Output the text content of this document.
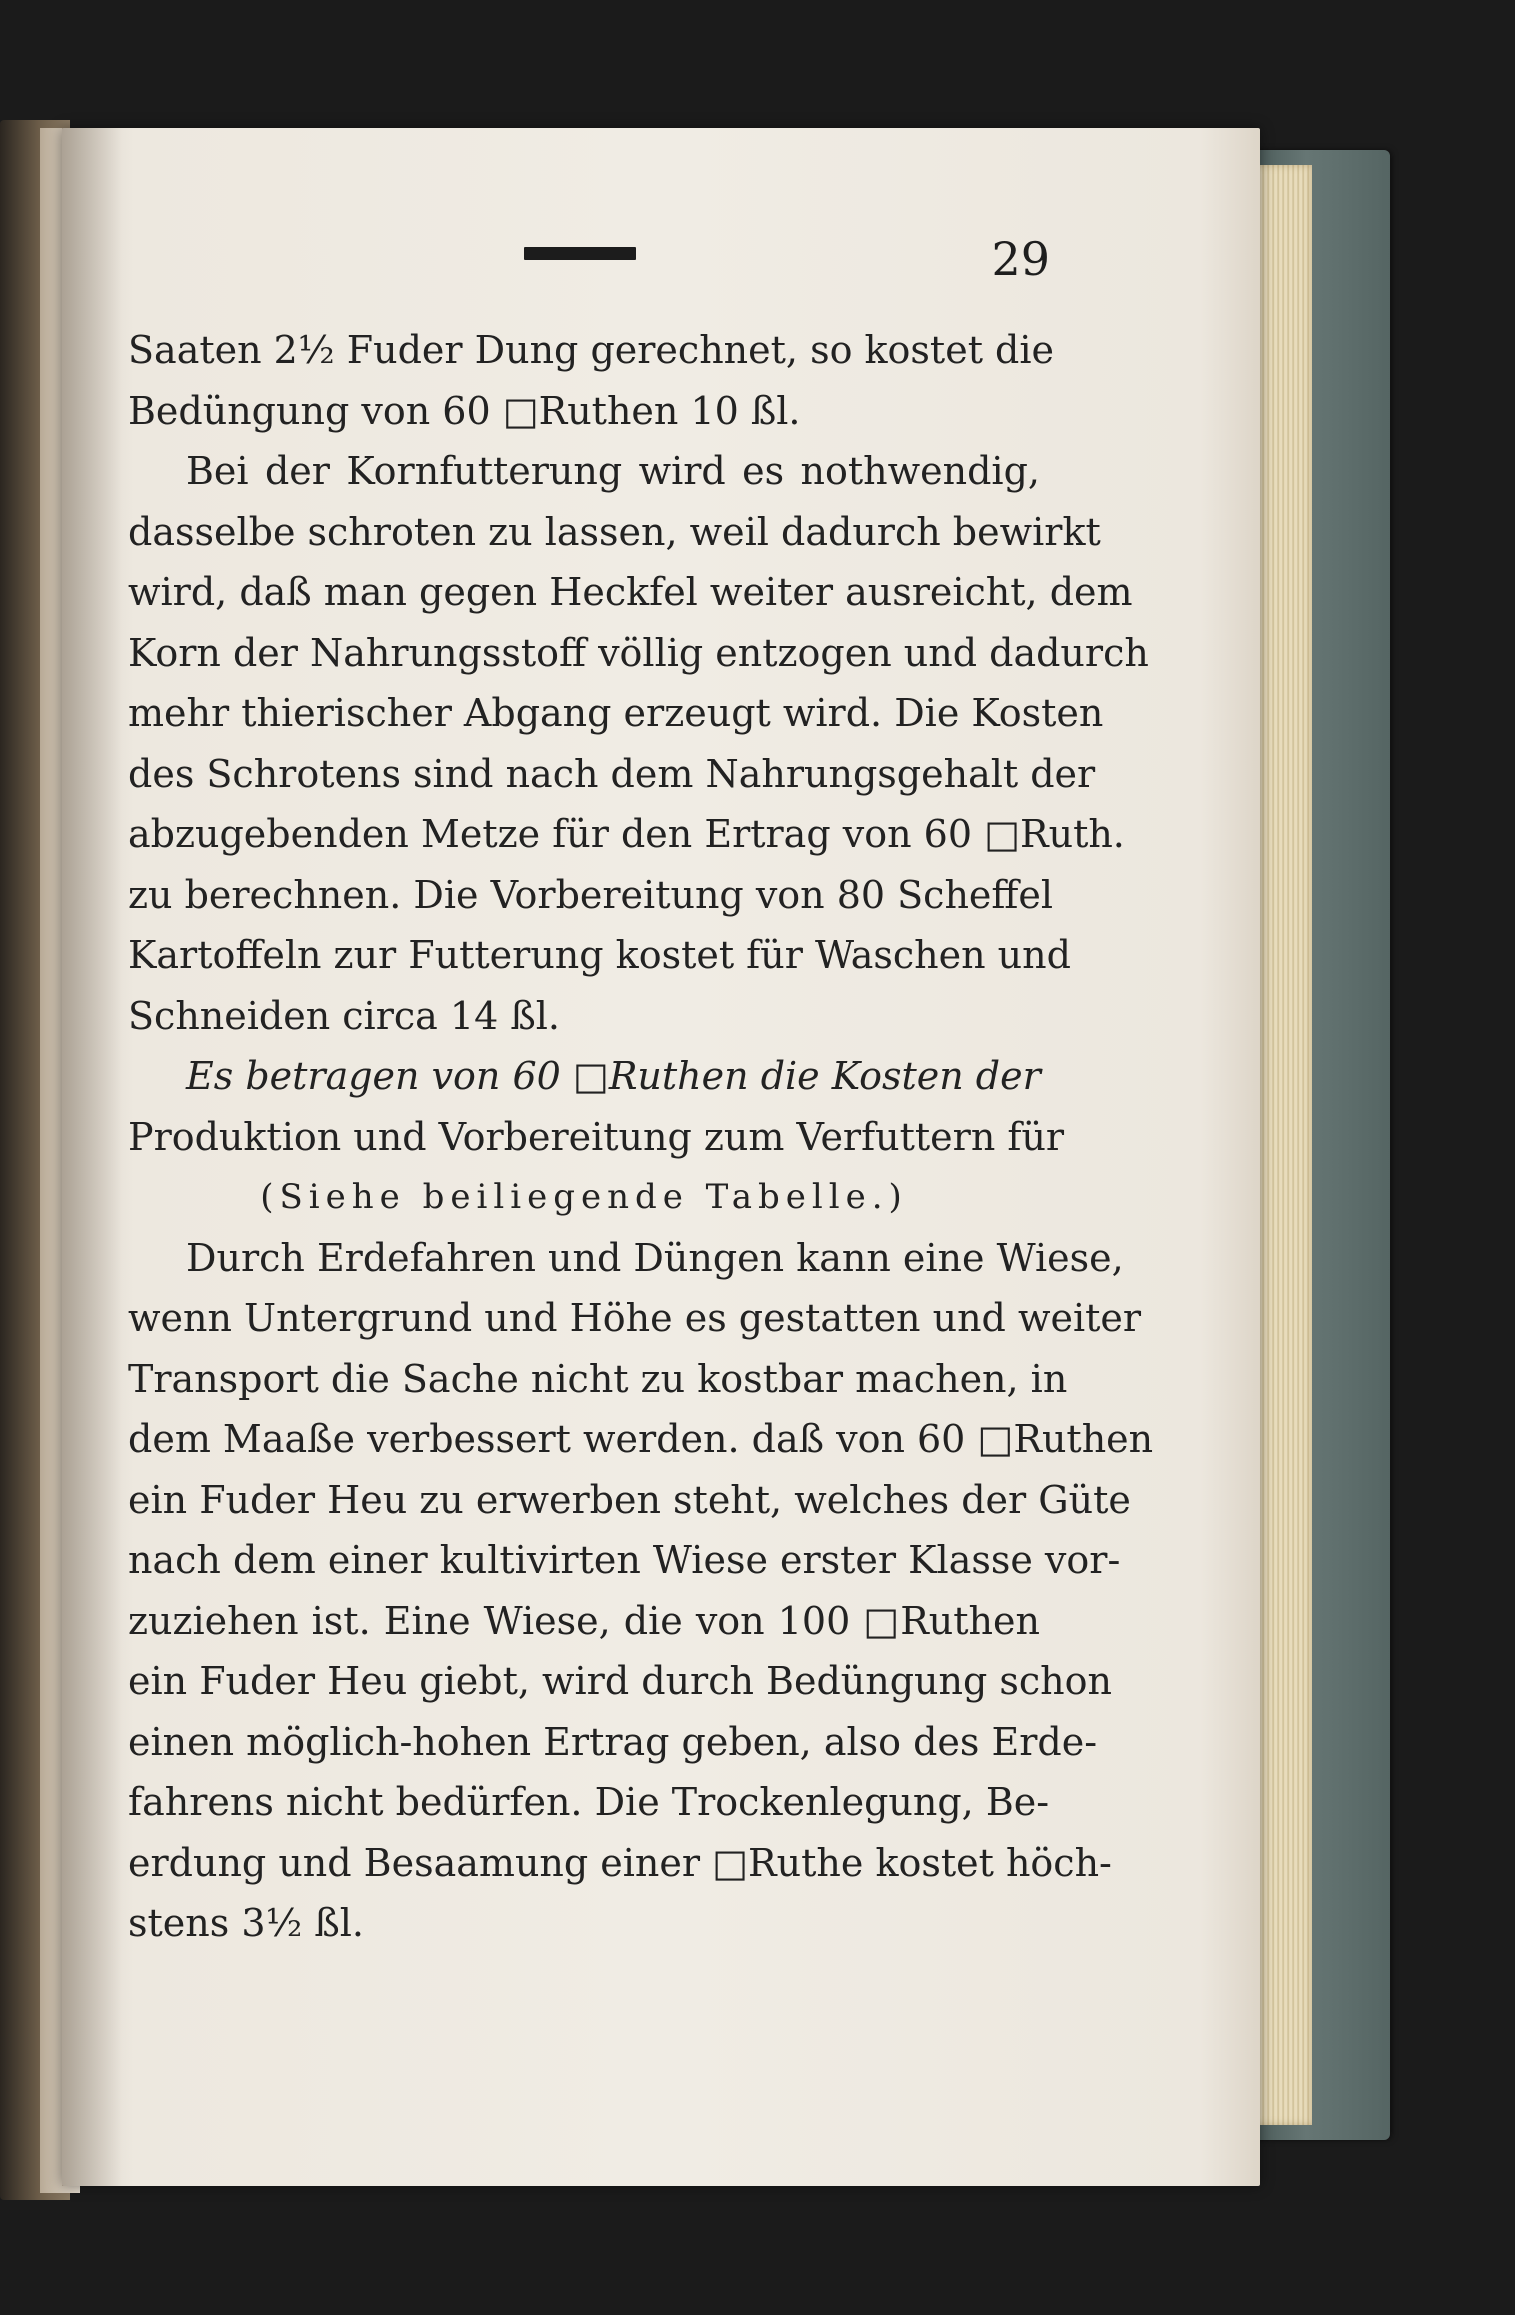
29
Saaten 2½ Fuder Dung gerechnet, so kostet die
Bedüngung von 60 □Ruthen 10 ßl.
Bei der Kornfutterung wird es nothwendig,
dasselbe schroten zu lassen, weil dadurch bewirkt
wird, daß man gegen Heckfel weiter ausreicht, dem
Korn der Nahrungsstoff völlig entzogen und dadurch
mehr thierischer Abgang erzeugt wird. Die Kosten
des Schrotens sind nach dem Nahrungsgehalt der
abzugebenden Metze für den Ertrag von 60 □Ruth.
zu berechnen. Die Vorbereitung von 80 Scheffel
Kartoffeln zur Futterung kostet für Waschen und
Schneiden circa 14 ßl.
Es betragen von 60 □Ruthen die Kosten der
Produktion und Vorbereitung zum Verfuttern für
(Siehe beiliegende Tabelle.)
Durch Erdefahren und Düngen kann eine Wiese,
wenn Untergrund und Höhe es gestatten und weiter
Transport die Sache nicht zu kostbar machen, in
dem Maaße verbessert werden. daß von 60 □Ruthen
ein Fuder Heu zu erwerben steht, welches der Güte
nach dem einer kultivirten Wiese erster Klasse vor-
zuziehen ist. Eine Wiese, die von 100 □Ruthen
ein Fuder Heu giebt, wird durch Bedüngung schon
einen möglich-hohen Ertrag geben, also des Erde-
fahrens nicht bedürfen. Die Trockenlegung, Be-
erdung und Besaamung einer □Ruthe kostet höch-
stens 3½ ßl.
